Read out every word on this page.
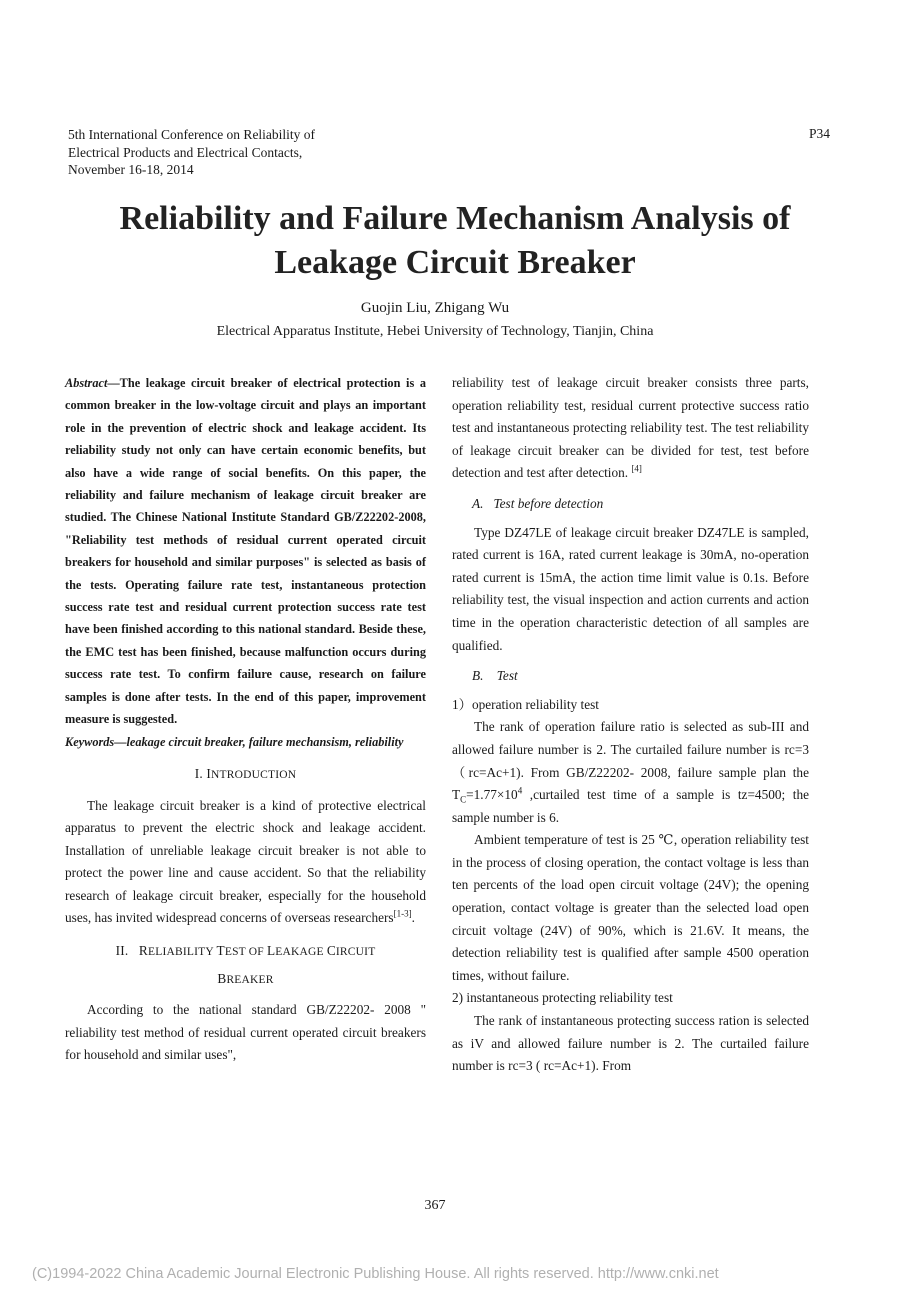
5th International Conference on Reliability of
Electrical Products and Electrical Contacts,
November 16-18, 2014
P34
Reliability and Failure Mechanism Analysis of
Leakage Circuit Breaker
Guojin Liu, Zhigang Wu
Electrical Apparatus Institute, Hebei University of Technology, Tianjin, China

Abstract—The leakage circuit breaker of electrical protection is a common breaker in the low-voltage circuit and plays an important role in the prevention of electric shock and leakage accident. Its reliability study not only can have certain economic benefits, but also have a wide range of social benefits. On this paper, the reliability and failure mechanism of leakage circuit breaker are studied. The Chinese National Institute Standard GB/Z22202-2008, "Reliability test methods of residual current operated circuit breakers for household and similar purposes" is selected as basis of the tests. Operating failure rate test, instantaneous protection success rate test and residual current protection success rate test have been finished according to this national standard. Beside these, the EMC test has been finished, because malfunction occurs during success rate test. To confirm failure cause, research on failure samples is done after tests. In the end of this paper, improvement measure is suggested.

Keywords—leakage circuit breaker, failure mechansism, reliability

I. INTRODUCTION

The leakage circuit breaker is a kind of protective electrical apparatus to prevent the electric shock and leakage accident. Installation of unreliable leakage circuit breaker is not able to protect the power line and cause accident. So that the reliability research of leakage circuit breaker, especially for the household uses, has invited widespread concerns of overseas researchers[1-3].

II. RELIABILITY TEST OF LEAKAGE CIRCUIT
BREAKER

According to the national standard GB/Z22202- 2008 " reliability test method of residual current operated circuit breakers for household and similar uses",

reliability test of leakage circuit breaker consists three parts, operation reliability test, residual current protective success ratio test and instantaneous protecting reliability test. The test reliability of leakage circuit breaker can be divided for test, test before detection and test after detection. [4]

A. Test before detection

Type DZ47LE of leakage circuit breaker DZ47LE is sampled, rated current is 16A, rated current leakage is 30mA, no-operation rated current is 15mA, the action time limit value is 0.1s. Before reliability test, the visual inspection and action currents and action time in the operation characteristic detection of all samples are qualified.

B. Test

1）operation reliability test

The rank of operation failure ratio is selected as sub-III and allowed failure number is 2. The curtailed failure number is rc=3（rc=Ac+1). From GB/Z22202- 2008, failure sample plan the $T_C=1.77\times 10^4$ ,curtailed test time of a sample is tz=4500; the sample number is 6.

Ambient temperature of test is 25 ℃, operation reliability test in the process of closing operation, the contact voltage is less than ten percents of the load open circuit voltage (24V); the opening operation, contact voltage is greater than the selected load open circuit voltage (24V) of 90%, which is 21.6V. It means, the detection reliability test is qualified after sample 4500 operation times, without failure.

2) instantaneous protecting reliability test

The rank of instantaneous protecting success ration is selected as iV and allowed failure number is 2. The curtailed failure number is rc=3 ( rc=Ac+1). From

367
(C)1994-2022 China Academic Journal Electronic Publishing House. All rights reserved. http://www.cnki.net
